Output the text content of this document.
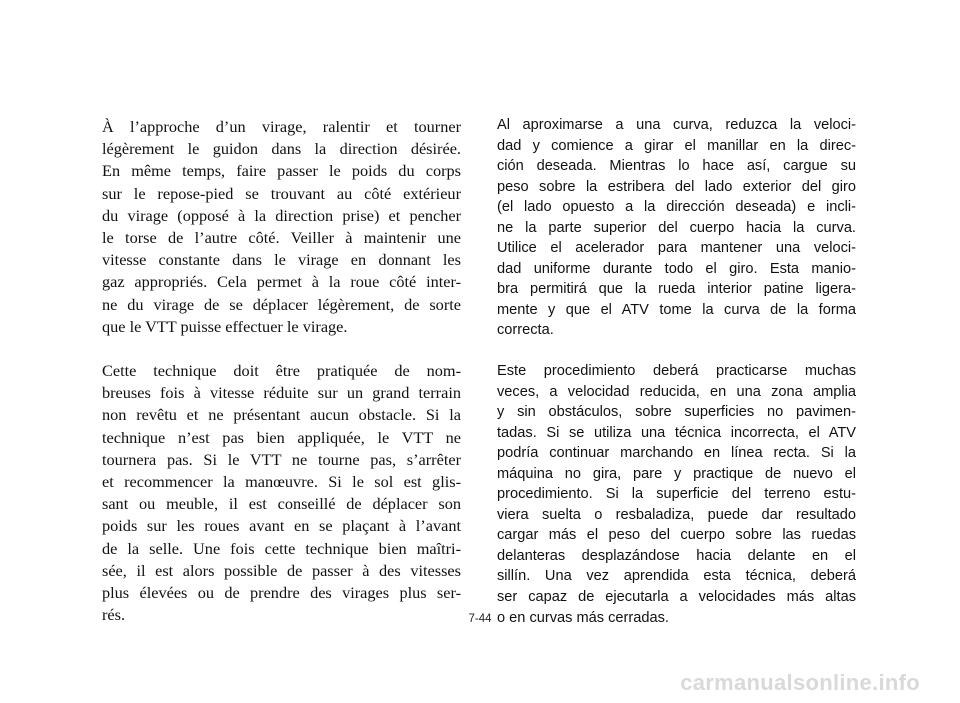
À l’approche d’un virage, ralentir et tourner
légèrement le guidon dans la direction désirée.
En même temps, faire passer le poids du corps
sur le repose-pied se trouvant au côté extérieur
du virage (opposé à la direction prise) et pencher
le torse de l’autre côté. Veiller à maintenir une
vitesse constante dans le virage en donnant les
gaz appropriés. Cela permet à la roue côté inter-
ne du virage de se déplacer légèrement, de sorte
que le VTT puisse effectuer le virage.

Cette technique doit être pratiquée de nom-
breuses fois à vitesse réduite sur un grand terrain
non revêtu et ne présentant aucun obstacle. Si la
technique n’est pas bien appliquée, le VTT ne
tournera pas. Si le VTT ne tourne pas, s’arrêter
et recommencer la manœuvre. Si le sol est glis-
sant ou meuble, il est conseillé de déplacer son
poids sur les roues avant en se plaçant à l’avant
de la selle. Une fois cette technique bien maîtri-
sée, il est alors possible de passer à des vitesses
plus élevées ou de prendre des virages plus ser-
rés.

Al aproximarse a una curva, reduzca la veloci-
dad y comience a girar el manillar en la direc-
ción deseada. Mientras lo hace así, cargue su
peso sobre la estribera del lado exterior del giro
(el lado opuesto a la dirección deseada) e incli-
ne la parte superior del cuerpo hacia la curva.
Utilice el acelerador para mantener una veloci-
dad uniforme durante todo el giro. Esta manio-
bra permitirá que la rueda interior patine ligera-
mente y que el ATV tome la curva de la forma
correcta.

Este procedimiento deberá practicarse muchas
veces, a velocidad reducida, en una zona amplia
y sin obstáculos, sobre superficies no pavimen-
tadas. Si se utiliza una técnica incorrecta, el ATV
podría continuar marchando en línea recta. Si la
máquina no gira, pare y practique de nuevo el
procedimiento. Si la superficie del terreno estu-
viera suelta o resbaladiza, puede dar resultado
cargar más el peso del cuerpo sobre las ruedas
delanteras desplazándose hacia delante en el
sillín. Una vez aprendida esta técnica, deberá
ser capaz de ejecutarla a velocidades más altas
o en curvas más cerradas.

7-44
carmanualsonline.info
